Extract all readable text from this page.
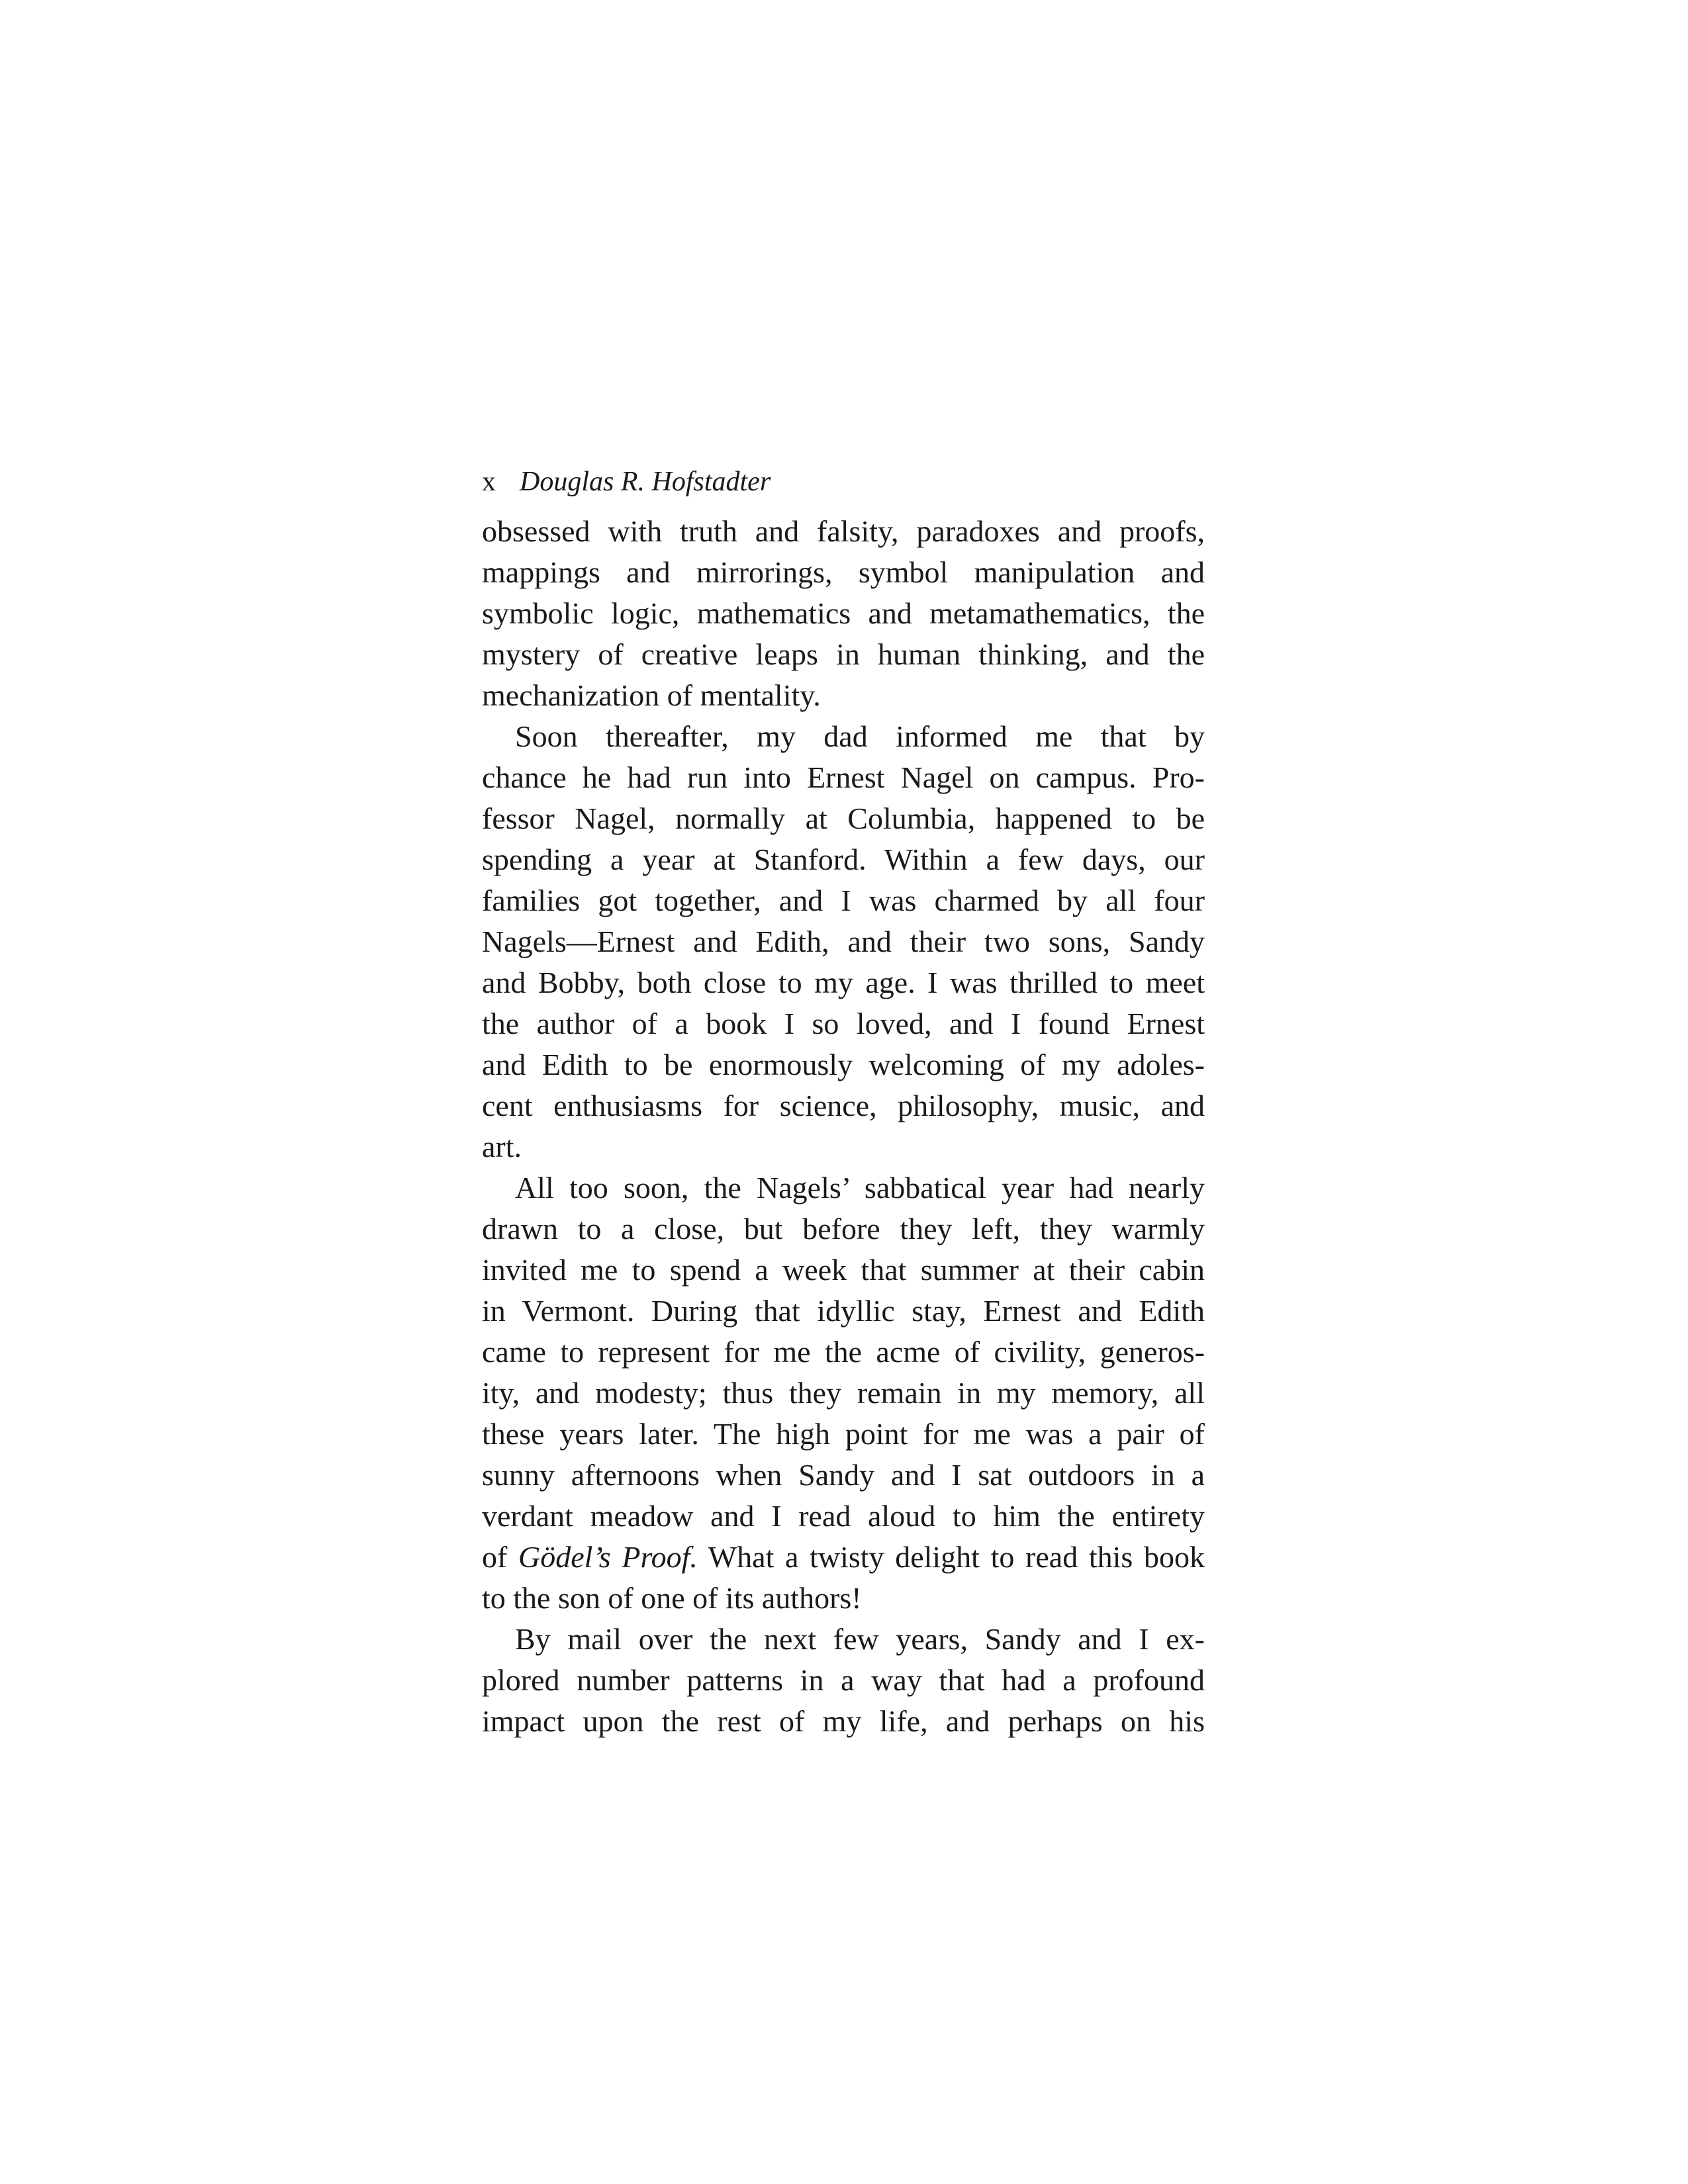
x Douglas R. Hofstadter
obsessed with truth and falsity, paradoxes and proofs,
mappings and mirrorings, symbol manipulation and
symbolic logic, mathematics and metamathematics, the
mystery of creative leaps in human thinking, and the
mechanization of mentality.
Soon thereafter, my dad informed me that by
chance he had run into Ernest Nagel on campus. Pro-
fessor Nagel, normally at Columbia, happened to be
spending a year at Stanford. Within a few days, our
families got together, and I was charmed by all four
Nagels—Ernest and Edith, and their two sons, Sandy
and Bobby, both close to my age. I was thrilled to meet
the author of a book I so loved, and I found Ernest
and Edith to be enormously welcoming of my adoles-
cent enthusiasms for science, philosophy, music, and
art.
All too soon, the Nagels’ sabbatical year had nearly
drawn to a close, but before they left, they warmly
invited me to spend a week that summer at their cabin
in Vermont. During that idyllic stay, Ernest and Edith
came to represent for me the acme of civility, generos-
ity, and modesty; thus they remain in my memory, all
these years later. The high point for me was a pair of
sunny afternoons when Sandy and I sat outdoors in a
verdant meadow and I read aloud to him the entirety
of Gödel’s Proof. What a twisty delight to read this book
to the son of one of its authors!
By mail over the next few years, Sandy and I ex-
plored number patterns in a way that had a profound
impact upon the rest of my life, and perhaps on his
